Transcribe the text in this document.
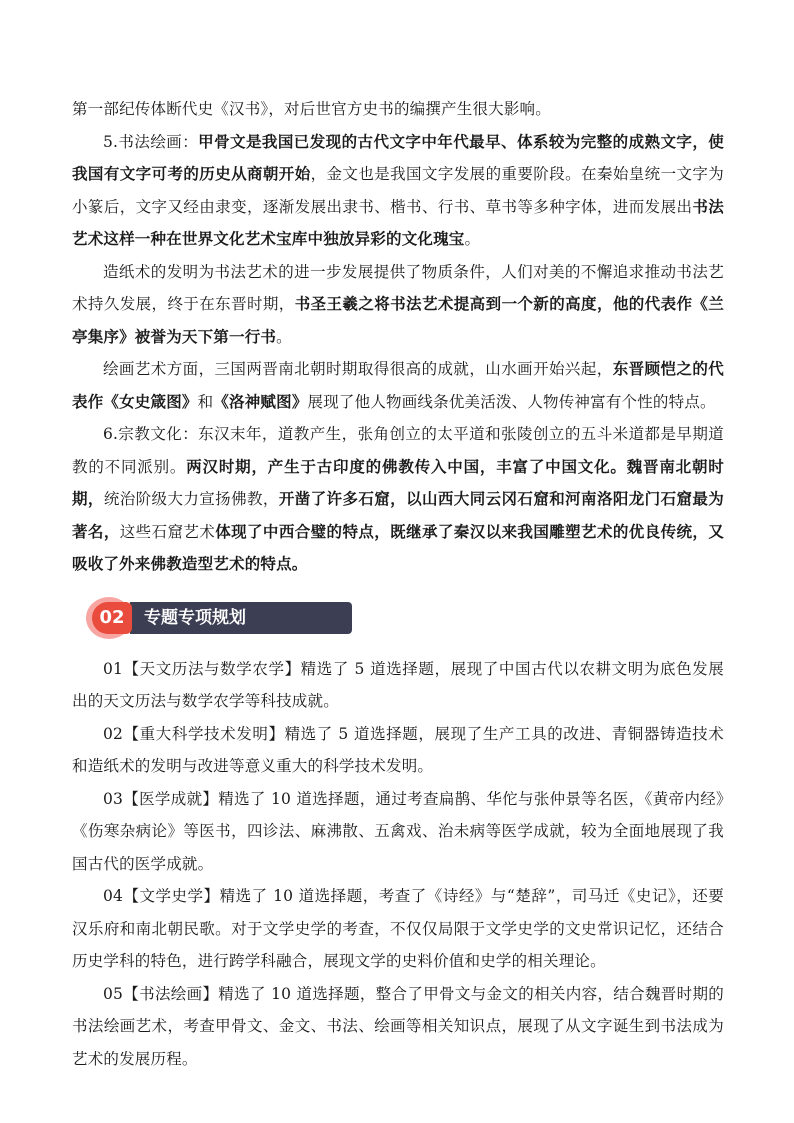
第一部纪传体断代史《汉书》，对后世官方史书的编撰产生很大影响。

5.书法绘画：甲骨文是我国已发现的古代文字中年代最早、体系较为完整的成熟文字，使我国有文字可考的历史从商朝开始，金文也是我国文字发展的重要阶段。在秦始皇统一文字为小篆后，文字又经由隶变，逐渐发展出隶书、楷书、行书、草书等多种字体，进而发展出书法艺术这样一种在世界文化艺术宝库中独放异彩的文化瑰宝。

造纸术的发明为书法艺术的进一步发展提供了物质条件，人们对美的不懈追求推动书法艺术持久发展，终于在东晋时期，书圣王羲之将书法艺术提高到一个新的高度，他的代表作《兰亭集序》被誉为天下第一行书。

绘画艺术方面，三国两晋南北朝时期取得很高的成就，山水画开始兴起，东晋顾恺之的代表作《女史箴图》和《洛神赋图》展现了他人物画线条优美活泼、人物传神富有个性的特点。

6.宗教文化：东汉末年，道教产生，张角创立的太平道和张陵创立的五斗米道都是早期道教的不同派别。两汉时期，产生于古印度的佛教传入中国，丰富了中国文化。魏晋南北朝时期，统治阶级大力宣扬佛教，开凿了许多石窟，以山西大同云冈石窟和河南洛阳龙门石窟最为著名，这些石窟艺术体现了中西合璧的特点，既继承了秦汉以来我国雕塑艺术的优良传统，又吸收了外来佛教造型艺术的特点。

专题专项规划
02

01【天文历法与数学农学】精选了 5 道选择题，展现了中国古代以农耕文明为底色发展出的天文历法与数学农学等科技成就。

02【重大科学技术发明】精选了 5 道选择题，展现了生产工具的改进、青铜器铸造技术和造纸术的发明与改进等意义重大的科学技术发明。

03【医学成就】精选了 10 道选择题，通过考查扁鹊、华佗与张仲景等名医，《黄帝内经》《伤寒杂病论》等医书，四诊法、麻沸散、五禽戏、治未病等医学成就，较为全面地展现了我国古代的医学成就。

04【文学史学】精选了 10 道选择题，考查了《诗经》与“楚辞”，司马迁《史记》，还要汉乐府和南北朝民歌。对于文学史学的考查，不仅仅局限于文学史学的文史常识记忆，还结合历史学科的特色，进行跨学科融合，展现文学的史料价值和史学的相关理论。

05【书法绘画】精选了 10 道选择题，整合了甲骨文与金文的相关内容，结合魏晋时期的书法绘画艺术，考查甲骨文、金文、书法、绘画等相关知识点，展现了从文字诞生到书法成为艺术的发展历程。
